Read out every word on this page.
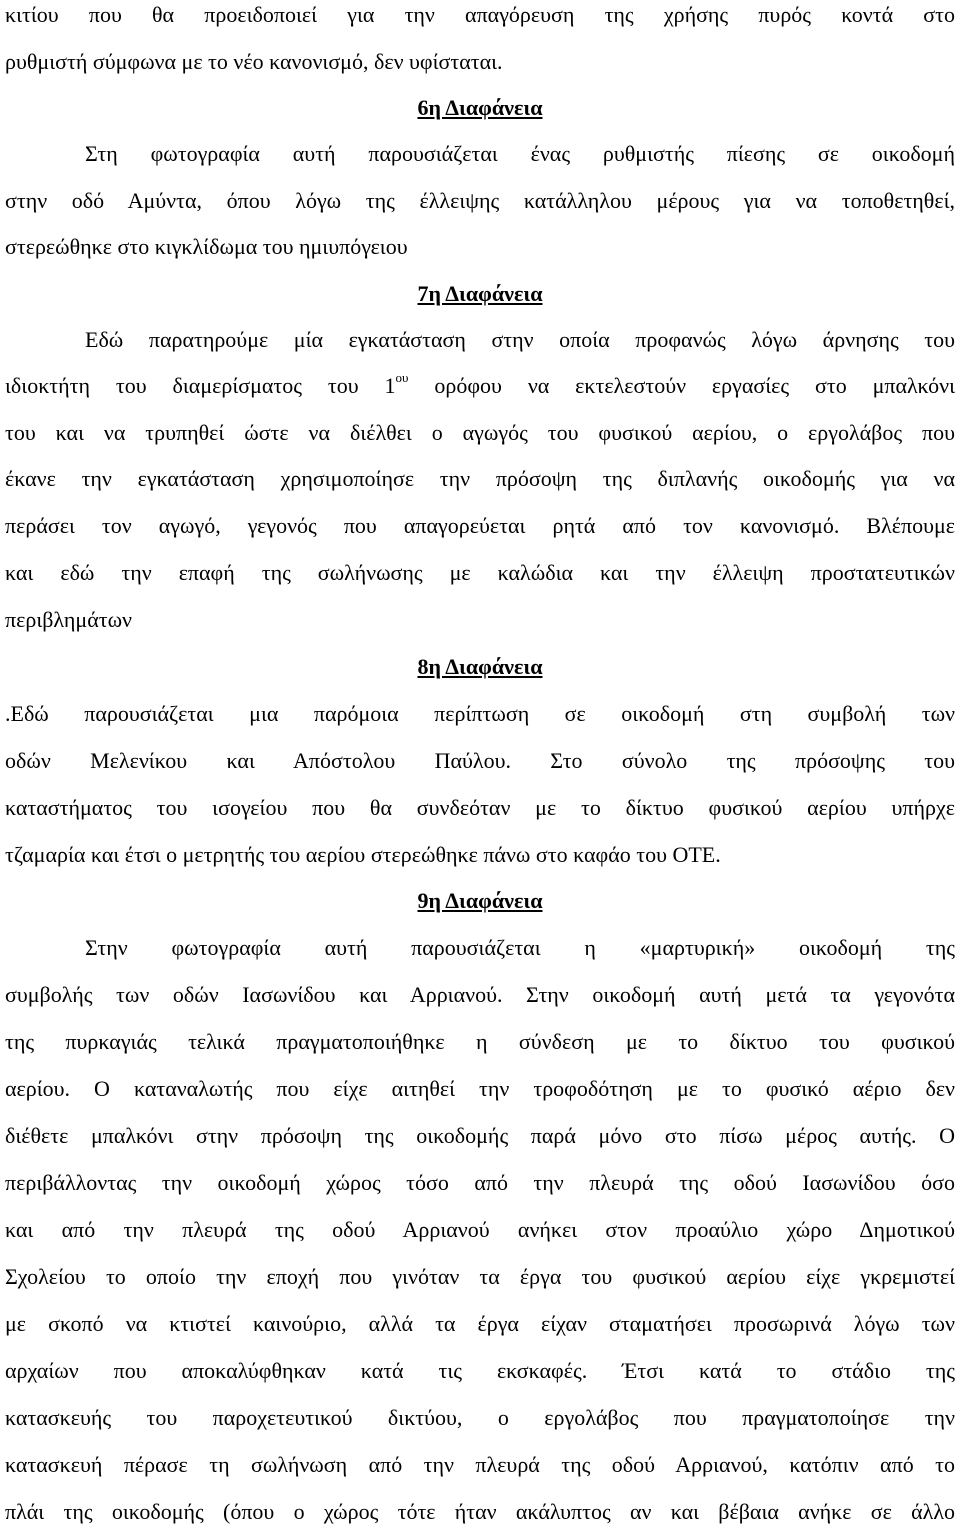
κιτίου που θα προειδοποιεί για την απαγόρευση της χρήσης πυρός κοντά στο

ρυθμιστή σύμφωνα με το νέο κανονισμό, δεν υφίσταται.

6η Διαφάνεια

Στη φωτογραφία αυτή παρουσιάζεται ένας ρυθμιστής πίεσης σε οικοδομή

στην οδό Αμύντα, όπου λόγω της έλλειψης κατάλληλου μέρους για να τοποθετηθεί,

στερεώθηκε στο κιγκλίδωμα του ημιυπόγειου

7η Διαφάνεια

Εδώ παρατηρούμε μία εγκατάσταση στην οποία προφανώς λόγω άρνησης του

ιδιοκτήτη του διαμερίσματος του $1^{o\upsilon}$ ορόφου να εκτελεστούν εργασίες στο μπαλκόνι

του και να τρυπηθεί ώστε να διέλθει ο αγωγός του φυσικού αερίου, ο εργολάβος που

έκανε την εγκατάσταση χρησιμοποίησε την πρόσοψη της διπλανής οικοδομής για να

περάσει τον αγωγό, γεγονός που απαγορεύεται ρητά από τον κανονισμό. Βλέπουμε

και εδώ την επαφή της σωλήνωσης με καλώδια και την έλλειψη προστατευτικών

περιβλημάτων

8η Διαφάνεια

.Εδώ παρουσιάζεται μια παρόμοια περίπτωση σε οικοδομή στη συμβολή των

οδών Μελενίκου και Απόστολου Παύλου. Στο σύνολο της πρόσοψης του

καταστήματος του ισογείου που θα συνδεόταν με το δίκτυο φυσικού αερίου υπήρχε

τζαμαρία και έτσι ο μετρητής του αερίου στερεώθηκε πάνω στο καφάο του ΟΤΕ.

9η Διαφάνεια

Στην φωτογραφία αυτή παρουσιάζεται η «μαρτυρική» οικοδομή της

συμβολής των οδών Ιασωνίδου και Αρριανού. Στην οικοδομή αυτή μετά τα γεγονότα

της πυρκαγιάς τελικά πραγματοποιήθηκε η σύνδεση με το δίκτυο του φυσικού

αερίου. Ο καταναλωτής που είχε αιτηθεί την τροφοδότηση με το φυσικό αέριο δεν

διέθετε μπαλκόνι στην πρόσοψη της οικοδομής παρά μόνο στο πίσω μέρος αυτής. Ο

περιβάλλοντας την οικοδομή χώρος τόσο από την πλευρά της οδού Ιασωνίδου όσο

και από την πλευρά της οδού Αρριανού ανήκει στον προαύλιο χώρο Δημοτικού

Σχολείου το οποίο την εποχή που γινόταν τα έργα του φυσικού αερίου είχε γκρεμιστεί

με σκοπό να κτιστεί καινούριο, αλλά τα έργα είχαν σταματήσει προσωρινά λόγω των

αρχαίων που αποκαλύφθηκαν κατά τις εκσκαφές. Έτσι κατά το στάδιο της

κατασκευής του παροχετευτικού δικτύου, ο εργολάβος που πραγματοποίησε την

κατασκευή πέρασε τη σωλήνωση από την πλευρά της οδού Αρριανού, κατόπιν από το

πλάι της οικοδομής (όπου ο χώρος τότε ήταν ακάλυπτος αν και βέβαια ανήκε σε άλλο
